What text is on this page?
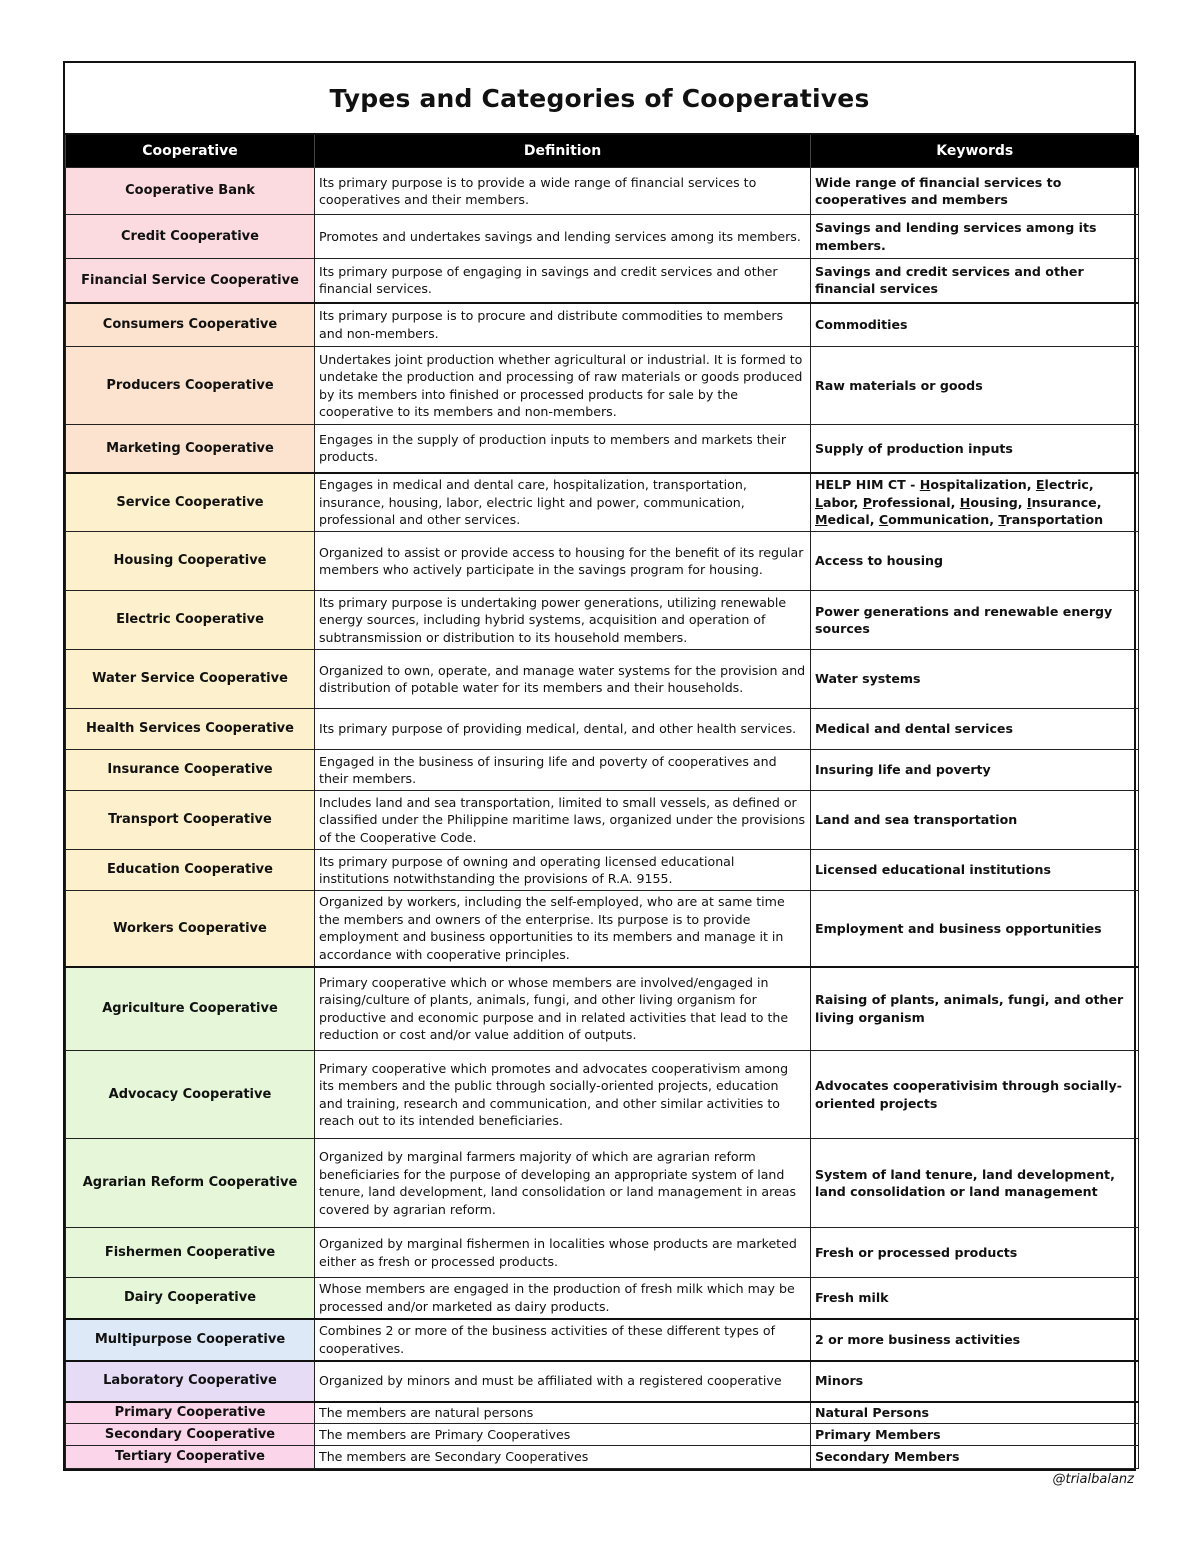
Types and Categories of Cooperatives
Cooperative	Definition	Keywords
Cooperative Bank	Its primary purpose is to provide a wide range of financial services to cooperatives and their members.	Wide range of financial services to cooperatives and members
Credit Cooperative	Promotes and undertakes savings and lending services among its members.	Savings and lending services among its members.
Financial Service Cooperative	Its primary purpose of engaging in savings and credit services and other financial services.	Savings and credit services and other financial services
Consumers Cooperative	Its primary purpose is to procure and distribute commodities to members and non-members.	Commodities
Producers Cooperative	Undertakes joint production whether agricultural or industrial. It is formed to undetake the production and processing of raw materials or goods produced by its members into finished or processed products for sale by the cooperative to its members and non-members.	Raw materials or goods
Marketing Cooperative	Engages in the supply of production inputs to members and markets their products.	Supply of production inputs
Service Cooperative	Engages in medical and dental care, hospitalization, transportation, insurance, housing, labor, electric light and power, communication, professional and other services.	HELP HIM CT - Hospitalization, Electric, Labor, Professional, Housing, Insurance, Medical, Communication, Transportation
Housing Cooperative	Organized to assist or provide access to housing for the benefit of its regular members who actively participate in the savings program for housing.	Access to housing
Electric Cooperative	Its primary purpose is undertaking power generations, utilizing renewable energy sources, including hybrid systems, acquisition and operation of subtransmission or distribution to its household members.	Power generations and renewable energy sources
Water Service Cooperative	Organized to own, operate, and manage water systems for the provision and distribution of potable water for its members and their households.	Water systems
Health Services Cooperative	Its primary purpose of providing medical, dental, and other health services.	Medical and dental services
Insurance Cooperative	Engaged in the business of insuring life and poverty of cooperatives and their members.	Insuring life and poverty
Transport Cooperative	Includes land and sea transportation, limited to small vessels, as defined or classified under the Philippine maritime laws, organized under the provisions of the Cooperative Code.	Land and sea transportation
Education Cooperative	Its primary purpose of owning and operating licensed educational institutions notwithstanding the provisions of R.A. 9155.	Licensed educational institutions
Workers Cooperative	Organized by workers, including the self-employed, who are at same time the members and owners of the enterprise. Its purpose is to provide employment and business opportunities to its members and manage it in accordance with cooperative principles.	Employment and business opportunities
Agriculture Cooperative	Primary cooperative which or whose members are involved/engaged in raising/culture of plants, animals, fungi, and other living organism for productive and economic purpose and in related activities that lead to the reduction or cost and/or value addition of outputs.	Raising of plants, animals, fungi, and other living organism
Advocacy Cooperative	Primary cooperative which promotes and advocates cooperativism among its members and the public through socially-oriented projects, education and training, research and communication, and other similar activities to reach out to its intended beneficiaries.	Advocates cooperativisim through socially-oriented projects
Agrarian Reform Cooperative	Organized by marginal farmers majority of which are agrarian reform beneficiaries for the purpose of developing an appropriate system of land tenure, land development, land consolidation or land management in areas covered by agrarian reform.	System of land tenure, land development, land consolidation or land management
Fishermen Cooperative	Organized by marginal fishermen in localities whose products are marketed either as fresh or processed products.	Fresh or processed products
Dairy Cooperative	Whose members are engaged in the production of fresh milk which may be processed and/or marketed as dairy products.	Fresh milk
Multipurpose Cooperative	Combines 2 or more of the business activities of these different types of cooperatives.	2 or more business activities
Laboratory Cooperative	Organized by minors and must be affiliated with a registered cooperative	Minors
Primary Cooperative	The members are natural persons	Natural Persons
Secondary Cooperative	The members are Primary Cooperatives	Primary Members
Tertiary Cooperative	The members are Secondary Cooperatives	Secondary Members
@trialbalanz
